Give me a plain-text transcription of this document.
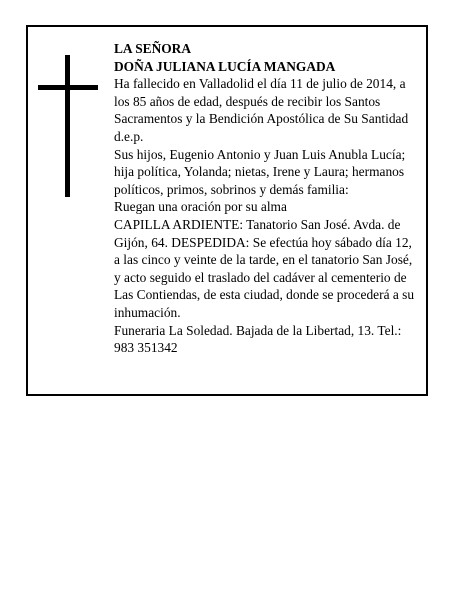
LA SEÑORA

DOÑA JULIANA LUCÍA MANGADA

Ha fallecido en Valladolid el día 11 de julio de 2014, a los 85 años de edad, después de recibir los Santos Sacramentos y la Bendición Apostólica de Su Santidad d.e.p.

Sus hijos, Eugenio Antonio y Juan Luis Anubla Lucía; hija política, Yolanda; nietas, Irene y Laura; hermanos políticos, primos, sobrinos y demás familia:

Ruegan una oración por su alma

CAPILLA ARDIENTE: Tanatorio San José. Avda. de Gijón, 64. DESPEDIDA: Se efectúa hoy sábado día 12, a las cinco y veinte de la tarde, en el tanatorio San José, y acto seguido el traslado del cadáver al cementerio de Las Contiendas, de esta ciudad, donde se procederá a su inhumación.

Funeraria La Soledad. Bajada de la Libertad, 13. Tel.: 983 351342
